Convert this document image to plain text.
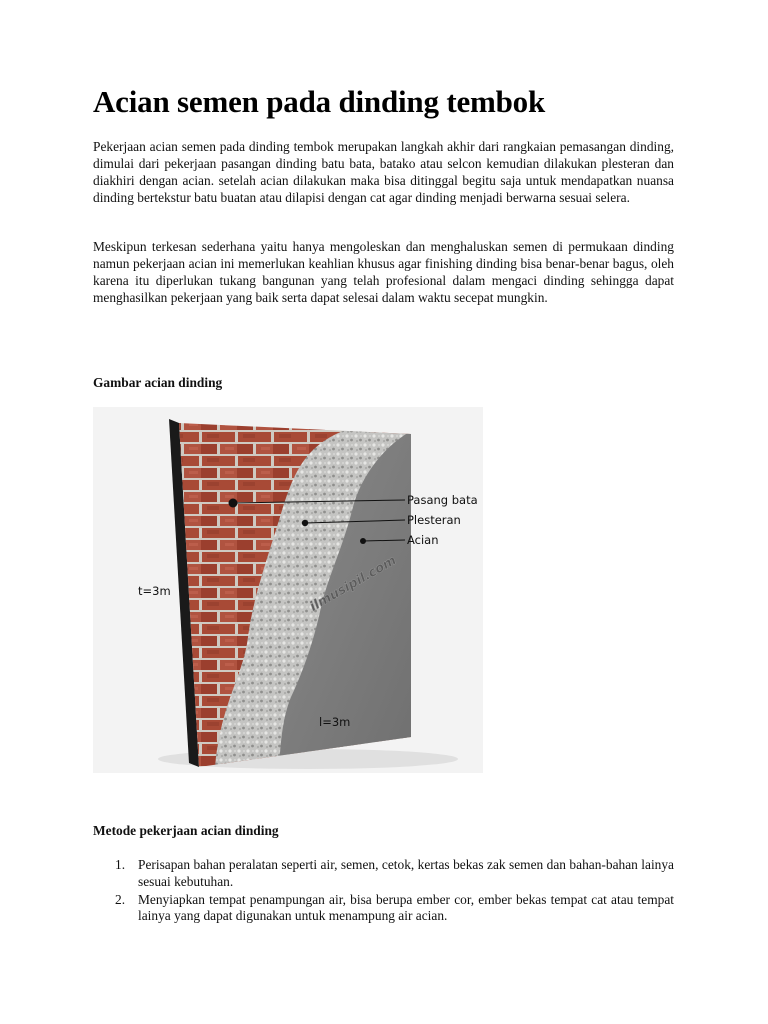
Acian semen pada dinding tembok

Pekerjaan acian semen pada dinding tembok merupakan langkah akhir dari rangkaian pemasangan dinding, dimulai dari pekerjaan pasangan dinding batu bata, batako atau selcon kemudian dilakukan plesteran dan diakhiri dengan acian. setelah acian dilakukan maka bisa ditinggal begitu saja untuk mendapatkan nuansa dinding bertekstur batu buatan atau dilapisi dengan cat agar dinding menjadi berwarna sesuai selera.

Meskipun terkesan sederhana yaitu hanya mengoleskan dan menghaluskan semen di permukaan dinding namun pekerjaan acian ini memerlukan keahlian khusus agar finishing dinding bisa benar-benar bagus, oleh karena itu diperlukan tukang bangunan yang telah profesional dalam mengaci dinding sehingga dapat menghasilkan pekerjaan yang baik serta dapat selesai dalam waktu secepat mungkin.

Gambar acian dinding
ilmusipil.com
Pasang bata
Plesteran
Acian
t=3m
l=3m
Metode pekerjaan acian dinding
1. Perisapan bahan peralatan seperti air, semen, cetok, kertas bekas zak semen dan bahan-bahan lainya sesuai kebutuhan.
2. Menyiapkan tempat penampungan air, bisa berupa ember cor, ember bekas tempat cat atau tempat lainya yang dapat digunakan untuk menampung air acian.
